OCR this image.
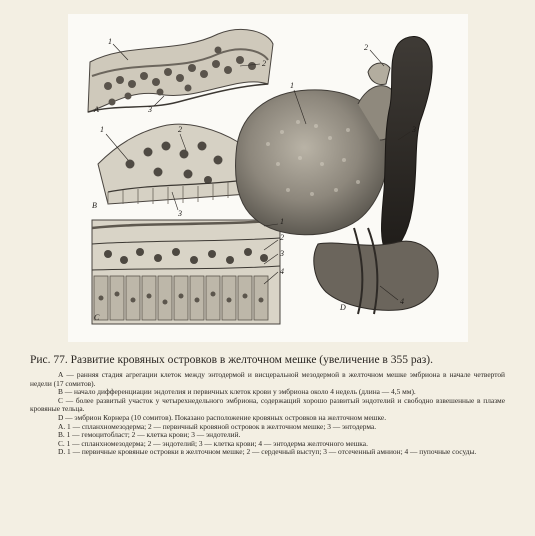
1
2
3
A
1	2
3
B
1
2
3
4
C
1
2
3
4
D
Рис. 77. Развитие кровяных островков в желточном мешке (увеличение в 355 раз).

А — ранняя стадия агрегации клеток между энтодермой и висцеральной мезодермой в желточном мешке эмбриона в начале четвертой недели (17 сомитов).

В — начало дифференциации эндотелия и первичных клеток крови у эмбриона около 4 недель (длина — 4,5 мм).

С — более развитый участок у четырехнедельного эмбриона, содержащий хорошо развитый эндотелий и свободно взвешенные в плазме кровяные тельца.

D — эмбрион Корнера (10 сомитов). Показано расположение кровяных островков на желточном мешке.

А. 1 — спланхномезодерма; 2 — первичный кровяной островок в желточном мешке; 3 — энтодерма.

В. 1 — гемоцитобласт; 2 — клетка крови; 3 — эндотелий.

С. 1 — спланхномезодерма; 2 — эндотелий; 3 — клетка крови; 4 — энтодерма желточного мешка.

D. 1 — первичные кровяные островки в желточном мешке; 2 — сердечный выступ; 3 — отсеченный амнион; 4 — пупочные сосуды.
